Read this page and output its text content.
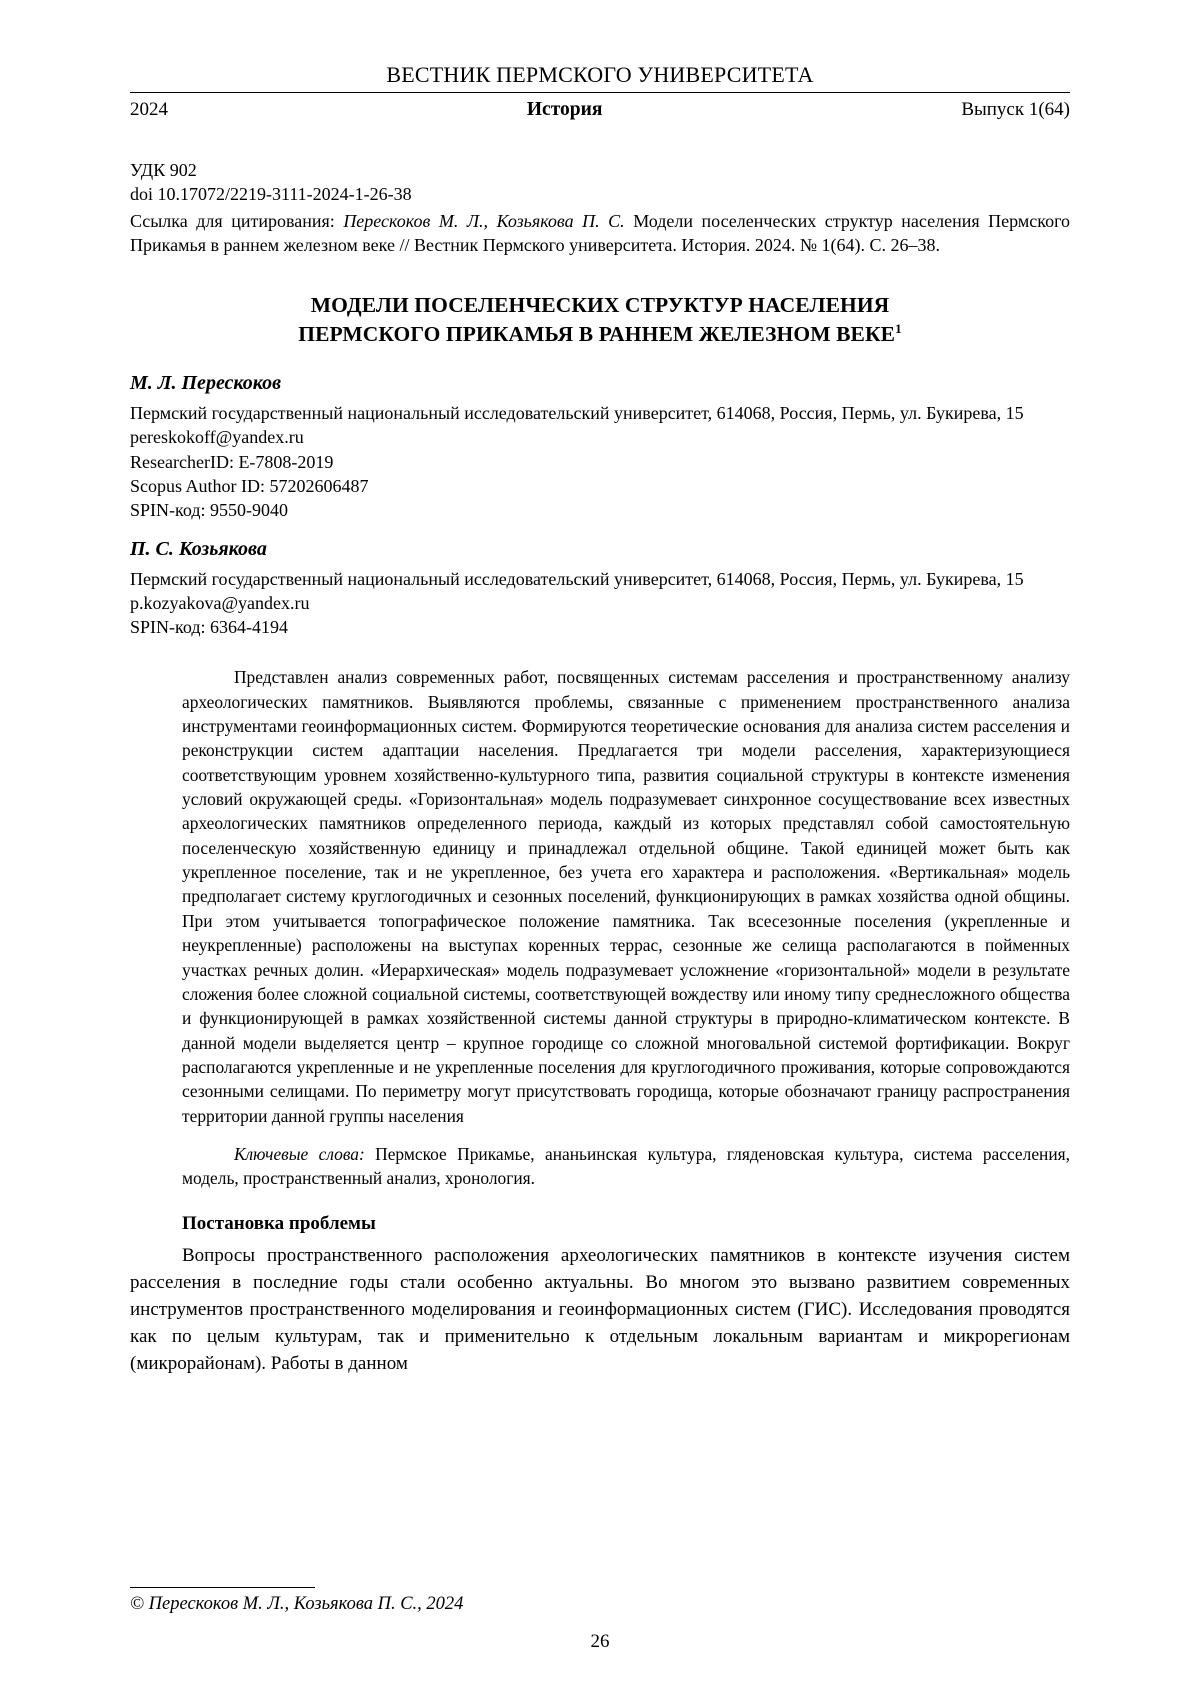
ВЕСТНИК ПЕРМСКОГО УНИВЕРСИТЕТА
2024	История	Выпуск 1(64)
УДК 902
doi 10.17072/2219-3111-2024-1-26-38
Ссылка для цитирования: Перескоков М. Л., Козьякова П. С. Модели поселенческих структур населения Пермского Прикамья в раннем железном веке // Вестник Пермского университета. История. 2024. № 1(64). С. 26–38.
МОДЕЛИ ПОСЕЛЕНЧЕСКИХ СТРУКТУР НАСЕЛЕНИЯ
ПЕРМСКОГО ПРИКАМЬЯ В РАННЕМ ЖЕЛЕЗНОМ ВЕКЕ$^1$
М. Л. Перескоков
Пермский государственный национальный исследовательский университет, 614068, Россия, Пермь, ул. Букирева, 15
pereskokoff@yandex.ru
ResearcherID: E-7808-2019
Scopus Author ID: 57202606487
SPIN-код: 9550-9040
П. С. Козьякова
Пермский государственный национальный исследовательский университет, 614068, Россия, Пермь, ул. Букирева, 15
p.kozyakova@yandex.ru
SPIN-код: 6364-4194
Представлен анализ современных работ, посвященных системам расселения и пространственному анализу археологических памятников. Выявляются проблемы, связанные с применением пространственного анализа инструментами геоинформационных систем. Формируются теоретические основания для анализа систем расселения и реконструкции систем адаптации населения. Предлагается три модели расселения, характеризующиеся соответствующим уровнем хозяйственно-культурного типа, развития социальной структуры в контексте изменения условий окружающей среды. «Горизонтальная» модель подразумевает синхронное сосуществование всех известных археологических памятников определенного периода, каждый из которых представлял собой самостоятельную поселенческую хозяйственную единицу и принадлежал отдельной общине. Такой единицей может быть как укрепленное поселение, так и не укрепленное, без учета его характера и расположения. «Вертикальная» модель предполагает систему круглогодичных и сезонных поселений, функционирующих в рамках хозяйства одной общины. При этом учитывается топографическое положение памятника. Так всесезонные поселения (укрепленные и неукрепленные) расположены на выступах коренных террас, сезонные же селища располагаются в пойменных участках речных долин. «Иерархическая» модель подразумевает усложнение «горизонтальной» модели в результате сложения более сложной социальной системы, соответствующей вождеству или иному типу среднесложного общества и функционирующей в рамках хозяйственной системы данной структуры в природно-климатическом контексте. В данной модели выделяется центр – крупное городище со сложной многовальной системой фортификации. Вокруг располагаются укрепленные и не укрепленные поселения для круглогодичного проживания, которые сопровождаются сезонными селищами. По периметру могут присутствовать городища, которые обозначают границу распространения территории данной группы населения
Ключевые слова: Пермское Прикамье, ананьинская культура, гляденовская культура, система расселения, модель, пространственный анализ, хронология.
Постановка проблемы

Вопросы пространственного расположения археологических памятников в контексте изучения систем расселения в последние годы стали особенно актуальны. Во многом это вызвано развитием современных инструментов пространственного моделирования и геоинформационных систем (ГИС). Исследования проводятся как по целым культурам, так и применительно к отдельным локальным вариантам и микрорегионам (микрорайонам). Работы в данном

© Перескоков М. Л., Козьякова П. С., 2024
26
